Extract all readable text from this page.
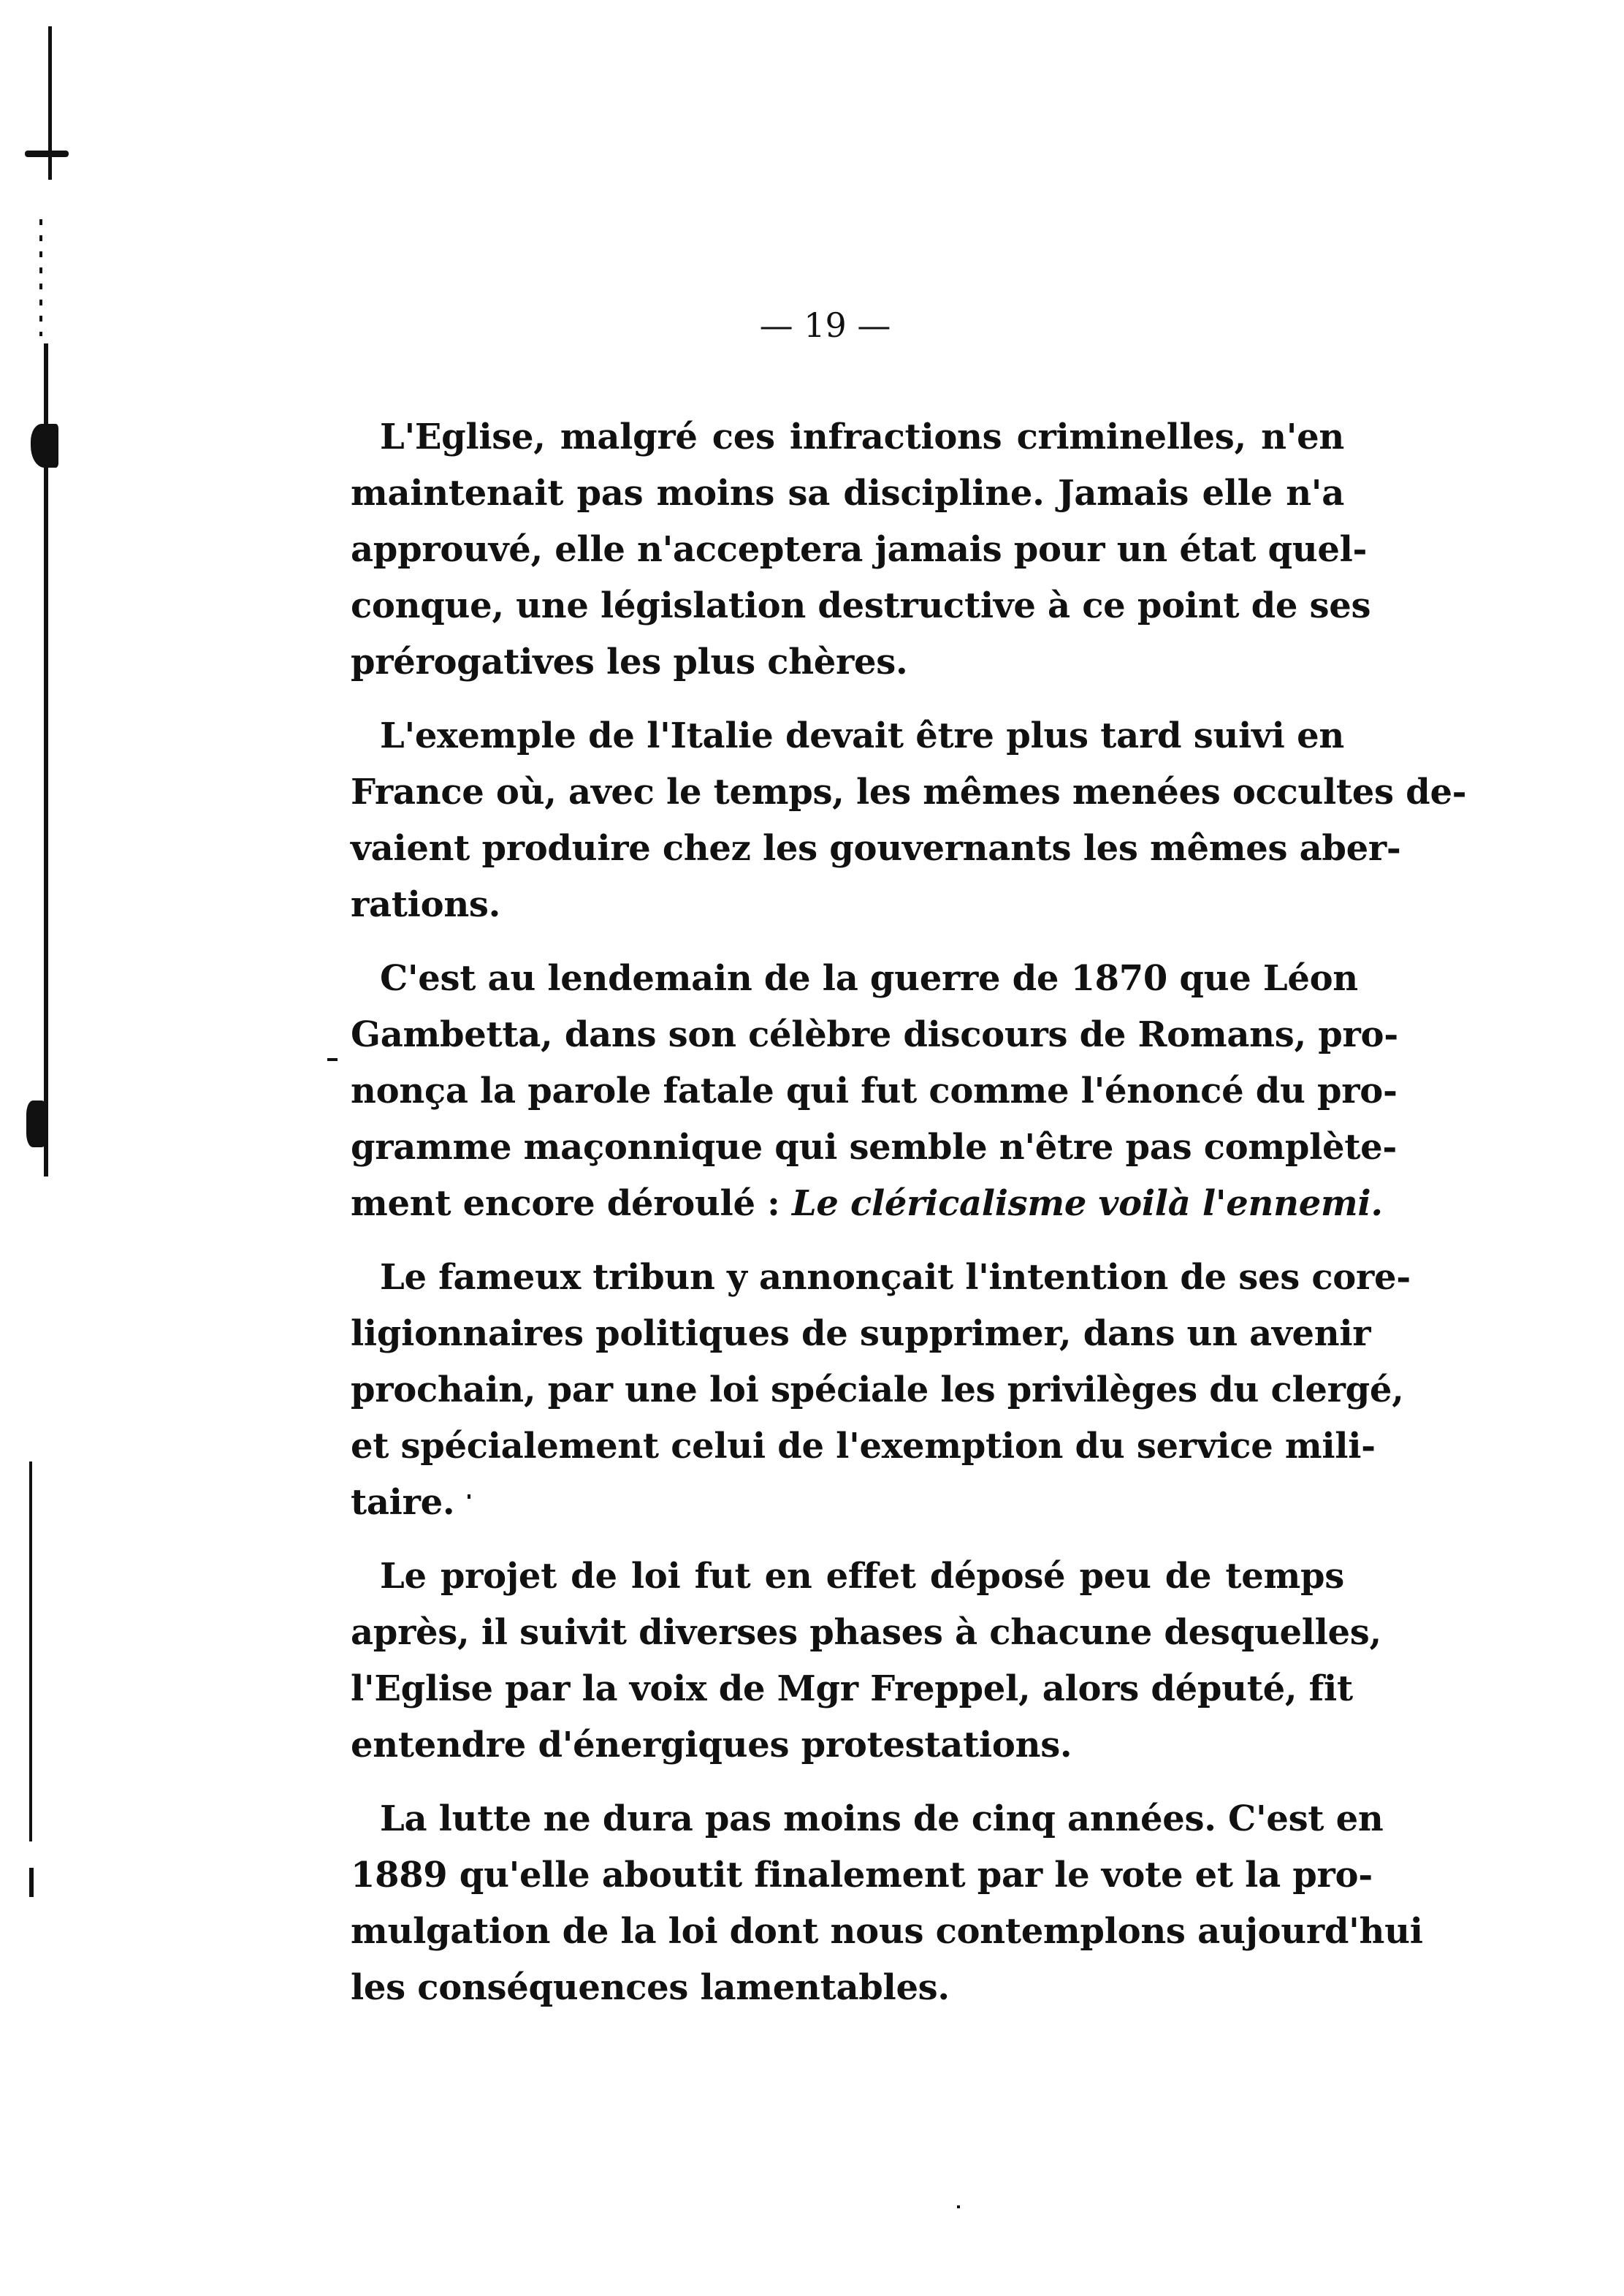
— 19 —

L'Eglise, malgré ces infractions criminelles, n'en
maintenait pas moins sa discipline. Jamais elle n'a
approuvé, elle n'acceptera jamais pour un état quel-
conque, une législation destructive à ce point de ses
prérogatives les plus chères.

L'exemple de l'Italie devait être plus tard suivi en
France où, avec le temps, les mêmes menées occultes de-
vaient produire chez les gouvernants les mêmes aber-
rations.

C'est au lendemain de la guerre de 1870 que Léon
Gambetta, dans son célèbre discours de Romans, pro-
nonça la parole fatale qui fut comme l'énoncé du pro-
gramme maçonnique qui semble n'être pas complète-
ment encore déroulé : Le cléricalisme voilà l'ennemi.

Le fameux tribun y annonçait l'intention de ses core-
ligionnaires politiques de supprimer, dans un avenir
prochain, par une loi spéciale les privilèges du clergé,
et spécialement celui de l'exemption du service mili-
taire.

Le projet de loi fut en effet déposé peu de temps
après, il suivit diverses phases à chacune desquelles,
l'Eglise par la voix de Mgr Freppel, alors député, fit
entendre d'énergiques protestations.

La lutte ne dura pas moins de cinq années. C'est en
1889 qu'elle aboutit finalement par le vote et la pro-
mulgation de la loi dont nous contemplons aujourd'hui
les conséquences lamentables.
